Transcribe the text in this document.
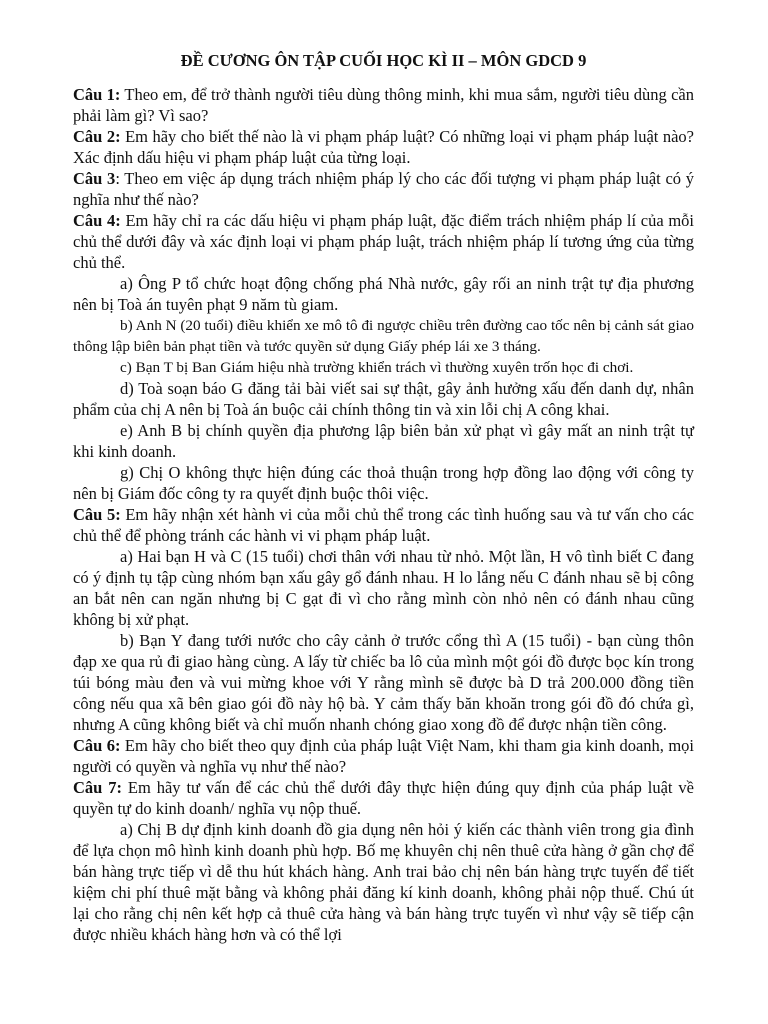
ĐỀ CƯƠNG ÔN TẬP CUỐI HỌC KÌ II – MÔN GDCD 9

Câu 1: Theo em, để trở thành người tiêu dùng thông minh, khi mua sắm, người tiêu dùng cần phải làm gì? Vì sao?

Câu 2: Em hãy cho biết thế nào là vi phạm pháp luật? Có những loại vi phạm pháp luật nào? Xác định dấu hiệu vi phạm pháp luật của từng loại.

Câu 3: Theo em việc áp dụng trách nhiệm pháp lý cho các đối tượng vi phạm pháp luật có ý nghĩa như thế nào?

Câu 4: Em hãy chỉ ra các dấu hiệu vi phạm pháp luật, đặc điểm trách nhiệm pháp lí của mỗi chủ thể dưới đây và xác định loại vi phạm pháp luật, trách nhiệm pháp lí tương ứng của từng chủ thể.

a) Ông P tổ chức hoạt động chống phá Nhà nước, gây rối an ninh trật tự địa phương nên bị Toà án tuyên phạt 9 năm tù giam.

b) Anh N (20 tuổi) điều khiển xe mô tô đi ngược chiều trên đường cao tốc nên bị cảnh sát giao thông lập biên bản phạt tiền và tước quyền sử dụng Giấy phép lái xe 3 tháng.

c) Bạn T bị Ban Giám hiệu nhà trường khiển trách vì thường xuyên trốn học đi chơi.

d) Toà soạn báo G đăng tải bài viết sai sự thật, gây ảnh hưởng xấu đến danh dự, nhân phẩm của chị A nên bị Toà án buộc cải chính thông tin và xin lỗi chị A công khai.

e) Anh B bị chính quyền địa phương lập biên bản xử phạt vì gây mất an ninh trật tự khi kinh doanh.

g) Chị O không thực hiện đúng các thoả thuận trong hợp đồng lao động với công ty nên bị Giám đốc công ty ra quyết định buộc thôi việc.

Câu 5: Em hãy nhận xét hành vi của mỗi chủ thể trong các tình huống sau và tư vấn cho các chủ thể để phòng tránh các hành vi vi phạm pháp luật.

a) Hai bạn H và C (15 tuổi) chơi thân với nhau từ nhỏ. Một lần, H vô tình biết C đang có ý định tụ tập cùng nhóm bạn xấu gây gổ đánh nhau. H lo lắng nếu C đánh nhau sẽ bị công an bắt nên can ngăn nhưng bị C gạt đi vì cho rằng mình còn nhỏ nên có đánh nhau cũng không bị xử phạt.

b) Bạn Y đang tưới nước cho cây cảnh ở trước cổng thì A (15 tuổi) - bạn cùng thôn đạp xe qua rủ đi giao hàng cùng. A lấy từ chiếc ba lô của mình một gói đồ được bọc kín trong túi bóng màu đen và vui mừng khoe với Y rằng mình sẽ được bà D trả 200.000 đồng tiền công nếu qua xã bên giao gói đồ này hộ bà. Y cảm thấy băn khoăn trong gói đồ đó chứa gì, nhưng A cũng không biết và chỉ muốn nhanh chóng giao xong đồ để được nhận tiền công.

Câu 6: Em hãy cho biết theo quy định của pháp luật Việt Nam, khi tham gia kinh doanh, mọi người có quyền và nghĩa vụ như thế nào?

Câu 7: Em hãy tư vấn để các chủ thể dưới đây thực hiện đúng quy định của pháp luật về quyền tự do kinh doanh/ nghĩa vụ nộp thuế.

a) Chị B dự định kinh doanh đồ gia dụng nên hỏi ý kiến các thành viên trong gia đình để lựa chọn mô hình kinh doanh phù hợp. Bố mẹ khuyên chị nên thuê cửa hàng ở gần chợ để bán hàng trực tiếp vì dễ thu hút khách hàng. Anh trai bảo chị nên bán hàng trực tuyến để tiết kiệm chi phí thuê mặt bằng và không phải đăng kí kinh doanh, không phải nộp thuế. Chú út lại cho rằng chị nên kết hợp cả thuê cửa hàng và bán hàng trực tuyến vì như vậy sẽ tiếp cận được nhiều khách hàng hơn và có thể lợi
